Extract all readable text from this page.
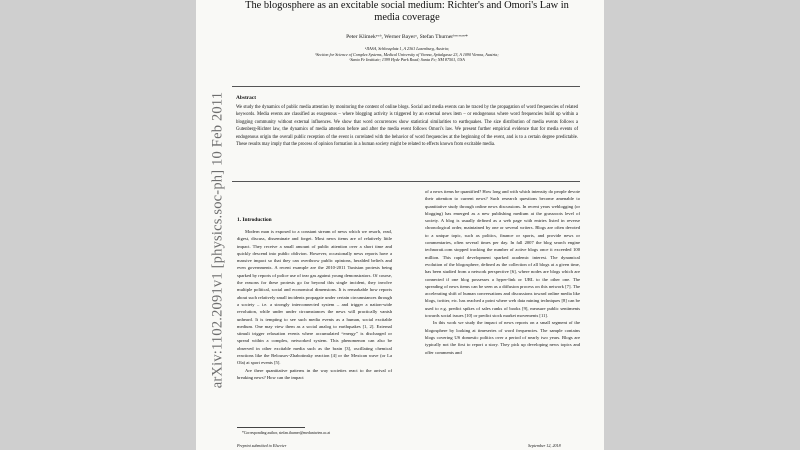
arXiv:1102.2091v1 [physics.soc-ph] 10 Feb 2011
The blogosphere as an excitable social medium: Richter's and Omori's Law in media coverage
Peter Klimekᵃʷᵇ, Werner Bayerᵃ, Stefan Thurnerᵇʷᶜʷᵃʷ*
ᵃIIASA, Schlossplatz 1, A 2361 Laxenburg, Austria;
ᵇSection for Science of Complex Systems, Medical University of Vienna, Spitalgasse 23, A 1090 Vienna, Austria;
ᶜSanta Fe Institute; 1399 Hyde Park Road; Santa Fe; NM 87501, USA
Abstract
We study the dynamics of public media attention by monitoring the content of online blogs. Social and media events can be traced by the propagation of word frequencies of related keywords. Media events are classified as exogenous – where blogging activity is triggered by an external news item – or endogenous where word frequencies build up within a blogging community without external influences. We show that word occurrences show statistical similarities to earthquakes. The size distribution of media events follows a Gutenberg-Richter law, the dynamics of media attention before and after the media event follows Omori's law. We present further empirical evidence that for media events of endogenous origin the overall public reception of the event is correlated with the behavior of word frequencies at the beginning of the event, and is to a certain degree predictable. These results may imply that the process of opinion formation in a human society might be related to effects known from excitable media.
1. Introduction

Modern man is exposed to a constant stream of news which we resorb, read, digest, discuss, disseminate and forget. Most news items are of relatively little impact. They receive a small amount of public attention over a short time and quickly descend into public oblivion. However, occasionally news reports have a massive impact so that they can overthrow public opinions, heralded beliefs and even governments. A recent example are the 2010-2011 Tunisian protests being sparked by reports of police use of tear gas against young demonstrators. Of course, the reasons for these protests go far beyond this single incident, they involve multiple political, social and economical dimensions. It is remarkable how reports about such relatively small incidents propagate under certain circumstances through a society – i.e. a strongly interconnected system – and trigger a nation-wide revolution, while under under circumstances the news will practically vanish unheard. It is tempting to see such media events as a human, social excitable medium. One may view them as a social analog to earthquakes [1, 2]. External stimuli trigger relaxation events where accumulated “energy” is discharged or spread within a complex, networked system. This phenomenon can also be observed in other excitable media such as the brain [3], oscillating chemical reactions like the Belousov-Zhabotinsky reaction [4] or the Mexican wave (or La Ola) at sport events [5].

Are there quantitative patterns in the way societies react to the arrival of breaking news? How can the impact

of a news items be quantified? How long and with which intensity do people devote their attention to current news? Such research questions become amenable to quantitative study through online news discussions. In recent years weblogging (or blogging) has emerged as a new publishing medium at the grassroots level of society. A blog is usually defined as a web page with entries listed in reverse chronological order, maintained by one or several writers. Blogs are often devoted to a unique topic, such as politics, finance or sports, and provide news or commentaries, often several times per day. In fall 2007 the blog search engine technorati.com stopped tracking the number of active blogs once it exceeded 100 million. This rapid development sparked academic interest. The dynamical evolution of the blogosphere, defined as the collection of all blogs at a given time, has been studied from a network perspective [6], where nodes are blogs which are connected if one blog possesses a hyper-link or URL to the other one. The spreading of news items can be seen as a diffusion process on this network [7]. The accelerating shift of human conversations and discussions toward online media like blogs, twitter, etc. has reached a point where web data mining techniques [8] can be used to e.g. predict spikes of sales ranks of books [9], measure public sentiments towards social issues [10] or predict stock market movements [11].

In this work we study the impact of news reports on a small segment of the blogosphere by looking at timeseries of word frequencies. The sample contains blogs covering US domestic politics over a period of nearly two years. Blogs are typically not the first to report a story. They pick up developing news topics and offer comments and

*Corresponding author, stefan.thurner@meduniwien.ac.at
Preprint submitted to Elsevier	September 12, 2018
